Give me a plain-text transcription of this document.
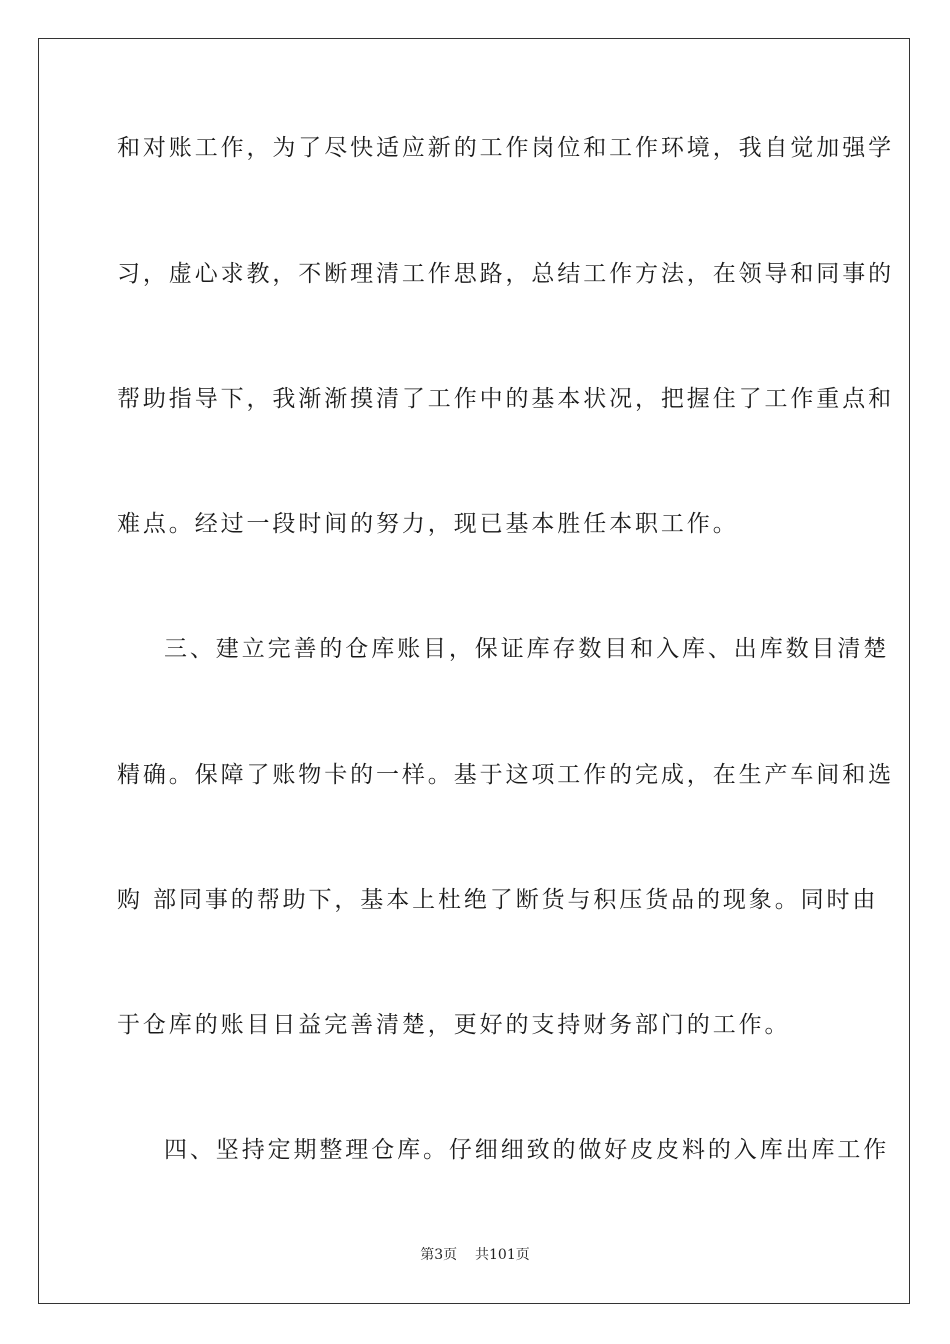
和对账工作，为了尽快适应新的工作岗位和工作环境，我自觉加强学
习，虚心求教，不断理清工作思路，总结工作方法，在领导和同事的
帮助指导下，我渐渐摸清了工作中的基本状况，把握住了工作重点和
难点。经过一段时间的努力，现已基本胜任本职工作。
三、建立完善的仓库账目，保证库存数目和入库、出库数目清楚
精确。保障了账物卡的一样。基于这项工作的完成，在生产车间和选
购 部同事的帮助下，基本上杜绝了断货与积压货品的现象。同时由
于仓库的账目日益完善清楚，更好的支持财务部门的工作。
四、坚持定期整理仓库。仔细细致的做好皮皮料的入库出库工作
第3页 共101页
